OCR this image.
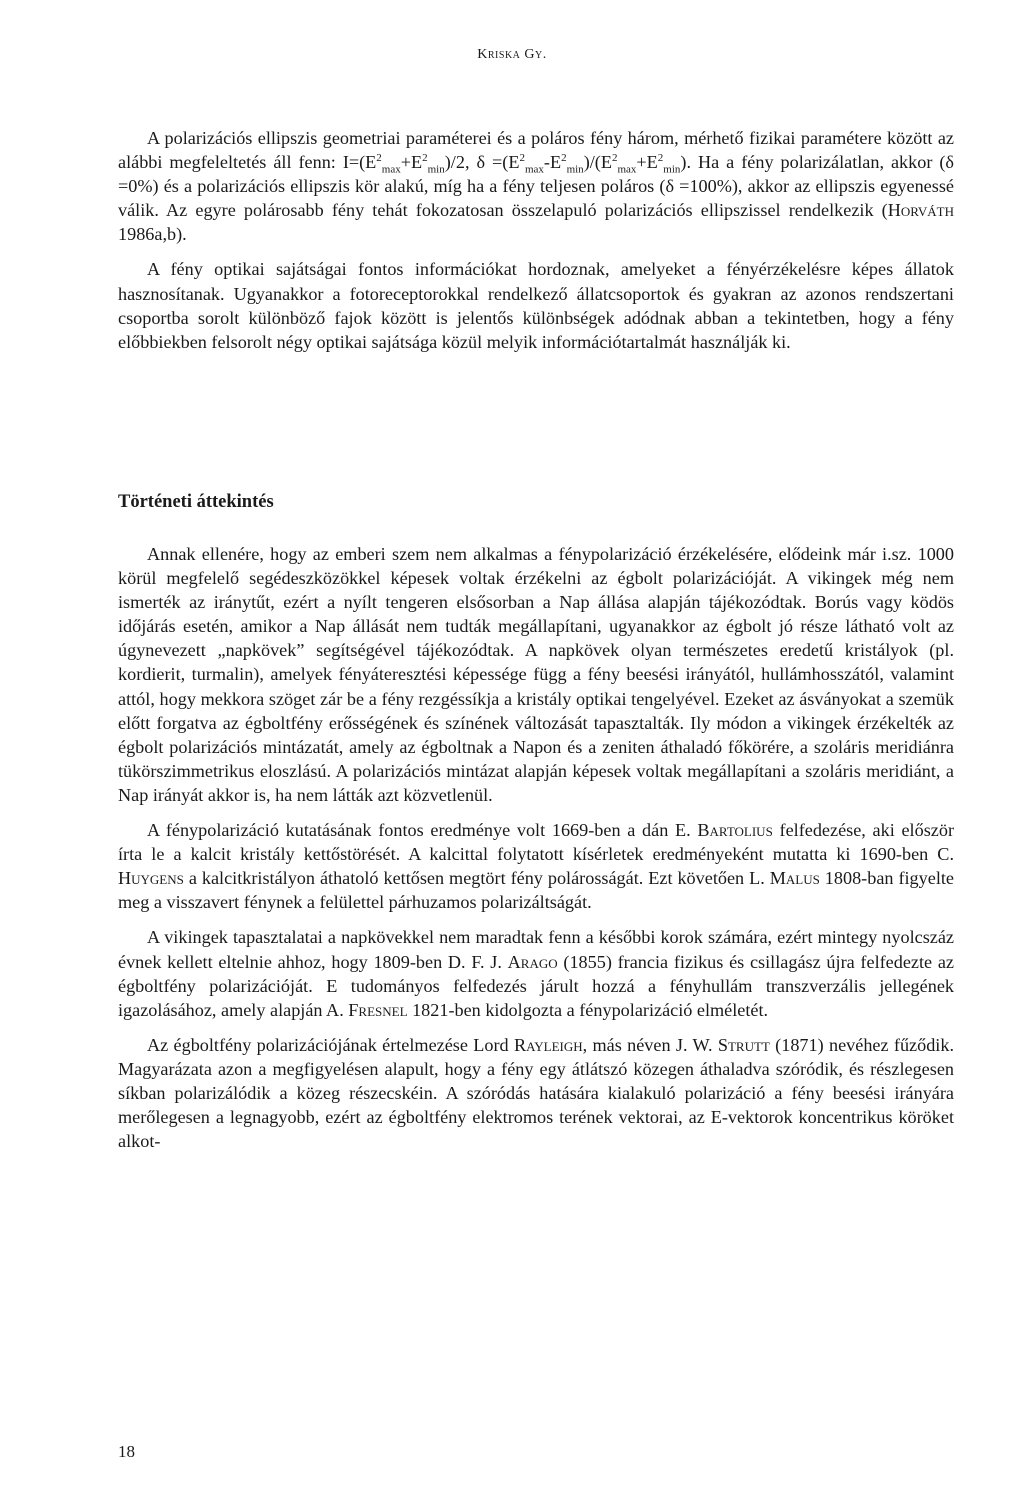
Kriska Gy.

A polarizációs ellipszis geometriai paraméterei és a poláros fény három, mérhető fizikai paramétere között az alábbi megfeleltetés áll fenn: $I=(E^2_{max}+E^2_{min})/2$, $\delta =(E^2_{max}-E^2_{min})/(E^2_{max}+E^2_{min})$. Ha a fény polarizálatlan, akkor (δ =0%) és a polarizációs ellipszis kör alakú, míg ha a fény teljesen poláros (δ =100%), akkor az ellipszis egyenessé válik. Az egyre polárosabb fény tehát fokozatosan összelapuló polarizációs ellipszissel rendelkezik (Horváth 1986a,b).

A fény optikai sajátságai fontos információkat hordoznak, amelyeket a fényérzékelésre képes állatok hasznosítanak. Ugyanakkor a fotoreceptorokkal rendelkező állatcsoportok és gyakran az azonos rendszertani csoportba sorolt különböző fajok között is jelentős különbségek adódnak abban a tekintetben, hogy a fény előbbiekben felsorolt négy optikai sajátsága közül melyik információtartalmát használják ki.

Történeti áttekintés

Annak ellenére, hogy az emberi szem nem alkalmas a fénypolarizáció érzékelésére, elődeink már i.sz. 1000 körül megfelelő segédeszközökkel képesek voltak érzékelni az égbolt polarizációját. A vikingek még nem ismerték az iránytűt, ezért a nyílt tengeren elsősorban a Nap állása alapján tájékozódtak. Borús vagy ködös időjárás esetén, amikor a Nap állását nem tudták megállapítani, ugyanakkor az égbolt jó része látható volt az úgynevezett „napkövek” segítségével tájékozódtak. A napkövek olyan természetes eredetű kristályok (pl. kordierit, turmalin), amelyek fényáteresztési képessége függ a fény beesési irányától, hullámhosszától, valamint attól, hogy mekkora szöget zár be a fény rezgéssíkja a kristály optikai tengelyével. Ezeket az ásványokat a szemük előtt forgatva az égboltfény erősségének és színének változását tapasztalták. Ily módon a vikingek érzékelték az égbolt polarizációs mintázatát, amely az égboltnak a Napon és a zeniten áthaladó főkörére, a szoláris meridiánra tükörszimmetrikus eloszlású. A polarizációs mintázat alapján képesek voltak megállapítani a szoláris meridiánt, a Nap irányát akkor is, ha nem látták azt közvetlenül.

A fénypolarizáció kutatásának fontos eredménye volt 1669-ben a dán E. Bartolius felfedezése, aki először írta le a kalcit kristály kettőstörését. A kalcittal folytatott kísérletek eredményeként mutatta ki 1690-ben C. Huygens a kalcitkristályon áthatoló kettősen megtört fény polárosságát. Ezt követően L. Malus 1808-ban figyelte meg a visszavert fénynek a felülettel párhuzamos polarizáltságát.

A vikingek tapasztalatai a napkövekkel nem maradtak fenn a későbbi korok számára, ezért mintegy nyolcszáz évnek kellett eltelnie ahhoz, hogy 1809-ben D. F. J. Arago (1855) francia fizikus és csillagász újra felfedezte az égboltfény polarizációját. E tudományos felfedezés járult hozzá a fényhullám transzverzális jellegének igazolásához, amely alapján A. Fresnel 1821-ben kidolgozta a fénypolarizáció elméletét.

Az égboltfény polarizációjának értelmezése Lord Rayleigh, más néven J. W. Strutt (1871) nevéhez fűződik. Magyarázata azon a megfigyelésen alapult, hogy a fény egy átlátszó közegen áthaladva szóródik, és részlegesen síkban polarizálódik a közeg részecskéin. A szóródás hatására kialakuló polarizáció a fény beesési irányára merőlegesen a legnagyobb, ezért az égboltfény elektromos terének vektorai, az E-vektorok koncentrikus köröket alkot-

18
